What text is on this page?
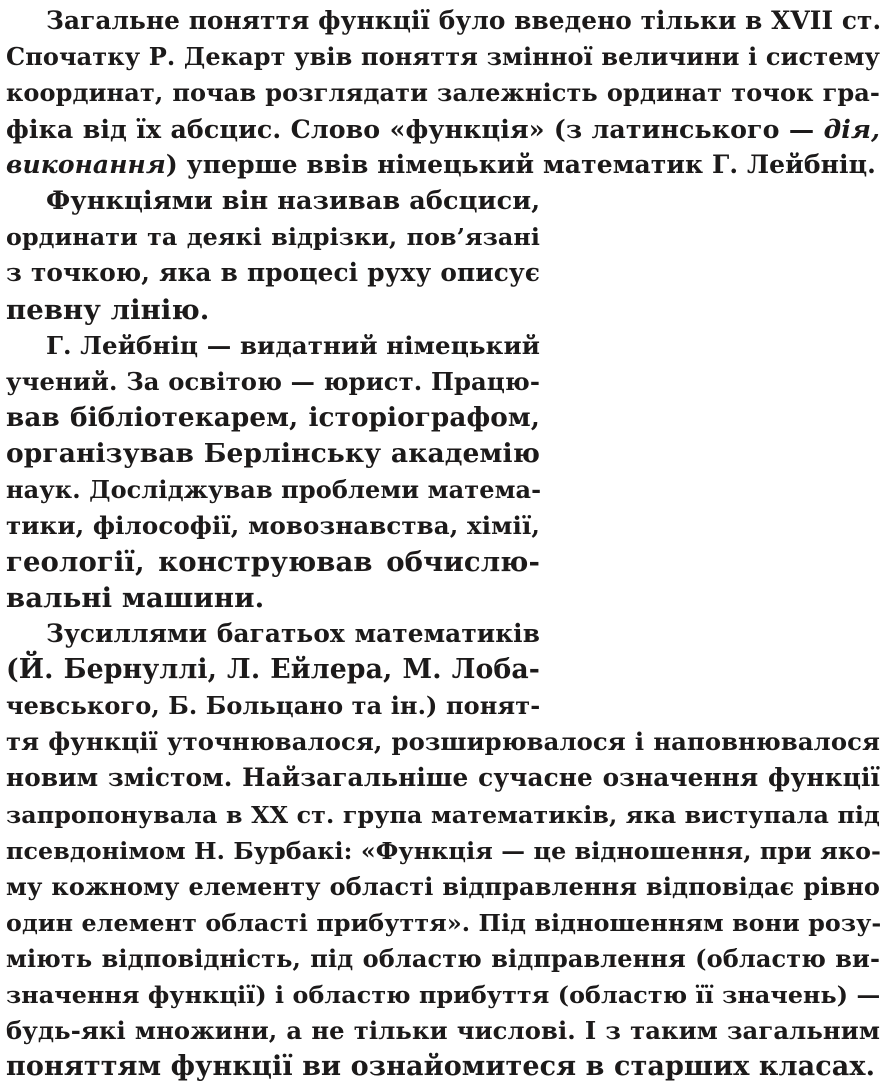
Загальне поняття функції було введено тільки в XVII ст.
Спочатку Р. Декарт увів поняття змінної величини і систему
координат, почав розглядати залежність ординат точок гра-
фіка від їх абсцис. Слово «функція» (з латинського — дія,
виконання) уперше ввів німецький математик Г. Лейбніц.
Функціями він називав абсциси,
ординати та деякі відрізки, пов’язані
з точкою, яка в процесі руху описує
певну лінію.
Г. Лейбніц — видатний німецький
учений. За освітою — юрист. Працю-
вав бібліотекарем, історіографом,
організував Берлінську академію
наук. Досліджував проблеми матема-
тики, філософії, мовознавства, хімії,
геології, конструював обчислю-
вальні машини.
Зусиллями багатьох математиків
(Й. Бернуллі, Л. Ейлера, М. Лоба-
чевського, Б. Больцано та ін.) понят-
тя функції уточнювалося, розширювалося і наповнювалося
новим змістом. Найзагальніше сучасне означення функції
запропонувала в XX ст. група математиків, яка виступала під
псевдонімом Н. Бурбакі: «Функція — це відношення, при яко-
му кожному елементу області відправлення відповідає рівно
один елемент області прибуття». Під відношенням вони розу-
міють відповідність, під областю відправлення (областю ви-
значення функції) і областю прибуття (областю її значень) —
будь-які множини, а не тільки числові. І з таким загальним
поняттям функції ви ознайомитеся в старших класах.
